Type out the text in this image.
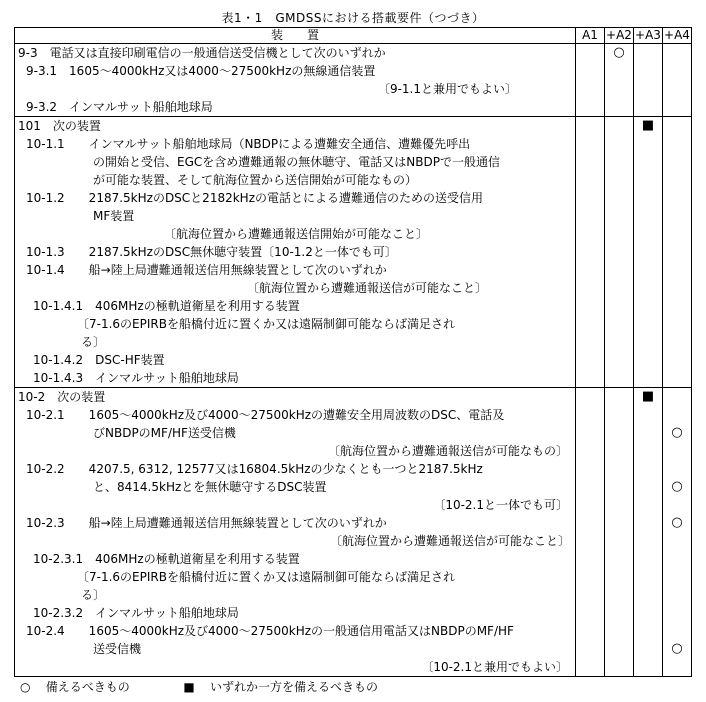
表1・1　GMDSSにおける搭載要件（つづき）
装　　置	A1	+A2	+A3	+A4
9-3　電話又は直接印刷電信の一般通信送受信機として次のいずれか		○		
9-3.1　1605～4000kHz又は4000～27500kHzの無線通信装置				
〔9-1.1と兼用でもよい〕				
9-3.2　インマルサット船舶地球局				
101　次の装置			■	
10-1.1　　インマルサット船舶地球局（NBDPによる遭難安全通信、遭難優先呼出				
の開始と受信、EGCを含め遭難通報の無休聴守、電話又はNBDPで一般通信				
が可能な装置、そして航海位置から送信開始が可能なもの）				
10-1.2　　2187.5kHzのDSCと2182kHzの電話とによる遭難通信のための送受信用				
MF装置				
〔航海位置から遭難通報送信開始が可能なこと〕				
10-1.3　　2187.5kHzのDSC無休聴守装置〔10-1.2と一体でも可〕				
10-1.4　　船→陸上局遭難通報送信用無線装置として次のいずれか				
〔航海位置から遭難通報送信が可能なこと〕				
10-1.4.1　406MHzの極軌道衛星を利用する装置				
〔7-1.6のEPIRBを船橋付近に置くか又は遠隔制御可能ならば満足され				
る〕				
10-1.4.2　DSC-HF装置				
10-1.4.3　インマルサット船舶地球局				
10-2　次の装置			■	
10-2.1　　1605～4000kHz及び4000～27500kHzの遭難安全用周波数のDSC、電話及				
びNBDPのMF/HF送受信機				○
〔航海位置から遭難通報送信が可能なもの〕				
10-2.2　　4207.5, 6312, 12577又は16804.5kHzの少なくとも一つと2187.5kHz				
と、8414.5kHzとを無休聴守するDSC装置				○
〔10-2.1と一体でも可〕				
10-2.3　　船→陸上局遭難通報送信用無線装置として次のいずれか				○
〔航海位置から遭難通報送信が可能なこと〕				
10-2.3.1　406MHzの極軌道衛星を利用する装置				
〔7-1.6のEPIRBを船橋付近に置くか又は遠隔制御可能ならば満足され				
る〕				
10-2.3.2　インマルサット船舶地球局				
10-2.4　　1605～4000kHz及び4000～27500kHzの一般通信用電話又はNBDPのMF/HF				
送受信機				○
〔10-2.1と兼用でもよい〕				
○ 備えるべきもの	■ いずれか一方を備えるべきもの
